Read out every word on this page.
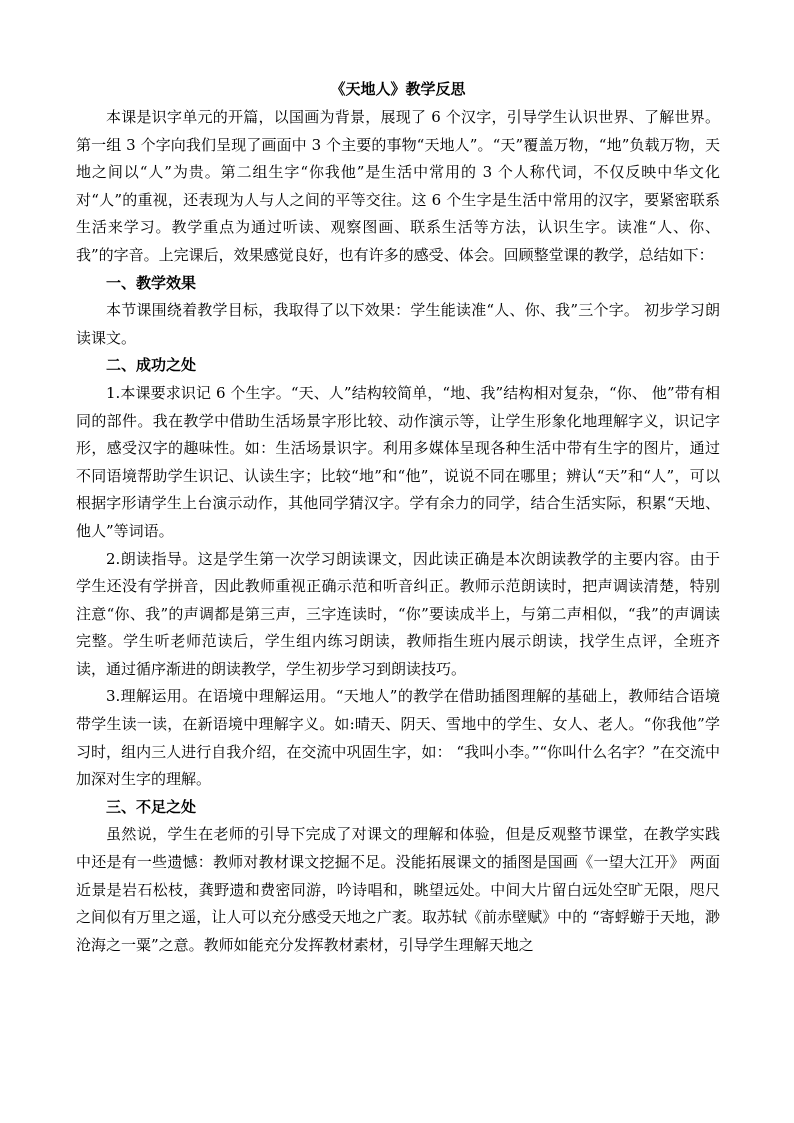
《天地人》教学反思

本课是识字单元的开篇，以国画为背景，展现了 6 个汉字，引导学生认识世界、了解世界。第一组 3 个字向我们呈现了画面中 3 个主要的事物“天地人”。“天”覆盖万物，“地”负载万物，天地之间以“人”为贵。第二组生字“你我他”是生活中常用的 3 个人称代词，不仅反映中华文化对“人”的重视，还表现为人与人之间的平等交往。这 6 个生字是生活中常用的汉字，要紧密联系生活来学习。教学重点为通过听读、观察图画、联系生活等方法，认识生字。读准“人、你、我”的字音。上完课后，效果感觉良好，也有许多的感受、体会。回顾整堂课的教学，总结如下：

一、教学效果

本节课围绕着教学目标，我取得了以下效果：学生能读准“人、你、我”三个字。 初步学习朗读课文。

二、成功之处

1.本课要求识记 6 个生字。“天、人”结构较简单，“地、我”结构相对复杂，“你、 他”带有相同的部件。我在教学中借助生活场景字形比较、动作演示等，让学生形象化地理解字义，识记字形，感受汉字的趣味性。如：生活场景识字。利用多媒体呈现各种生活中带有生字的图片，通过不同语境帮助学生识记、认读生字；比较“地”和“他”，说说不同在哪里；辨认“天”和“人”，可以根据字形请学生上台演示动作，其他同学猜汉字。学有余力的同学，结合生活实际，积累“天地、他人”等词语。

2.朗读指导。这是学生第一次学习朗读课文，因此读正确是本次朗读教学的主要内容。由于学生还没有学拼音，因此教师重视正确示范和听音纠正。教师示范朗读时，把声调读清楚，特别注意“你、我”的声调都是第三声，三字连读时，“你”要读成半上，与第二声相似，“我”的声调读完整。学生听老师范读后，学生组内练习朗读，教师指生班内展示朗读，找学生点评，全班齐读，通过循序渐进的朗读教学，学生初步学习到朗读技巧。

3.理解运用。在语境中理解运用。“天地人”的教学在借助插图理解的基础上，教师结合语境带学生读一读，在新语境中理解字义。如:晴天、阴天、雪地中的学生、女人、老人。“你我他”学习时，组内三人进行自我介绍，在交流中巩固生字，如： “我叫小李。”“你叫什么名字？”在交流中加深对生字的理解。

三、不足之处

虽然说，学生在老师的引导下完成了对课文的理解和体验，但是反观整节课堂，在教学实践中还是有一些遗憾：教师对教材课文挖掘不足。没能拓展课文的插图是国画《一望大江开》 两面近景是岩石松枝，龚野遗和费密同游，吟诗唱和，眺望远处。中间大片留白远处空旷无限，咫尺之间似有万里之遥，让人可以充分感受天地之广袤。取苏轼《前赤壁赋》中的 “寄蜉蝣于天地，渺沧海之一粟”之意。教师如能充分发挥教材素材，引导学生理解天地之
